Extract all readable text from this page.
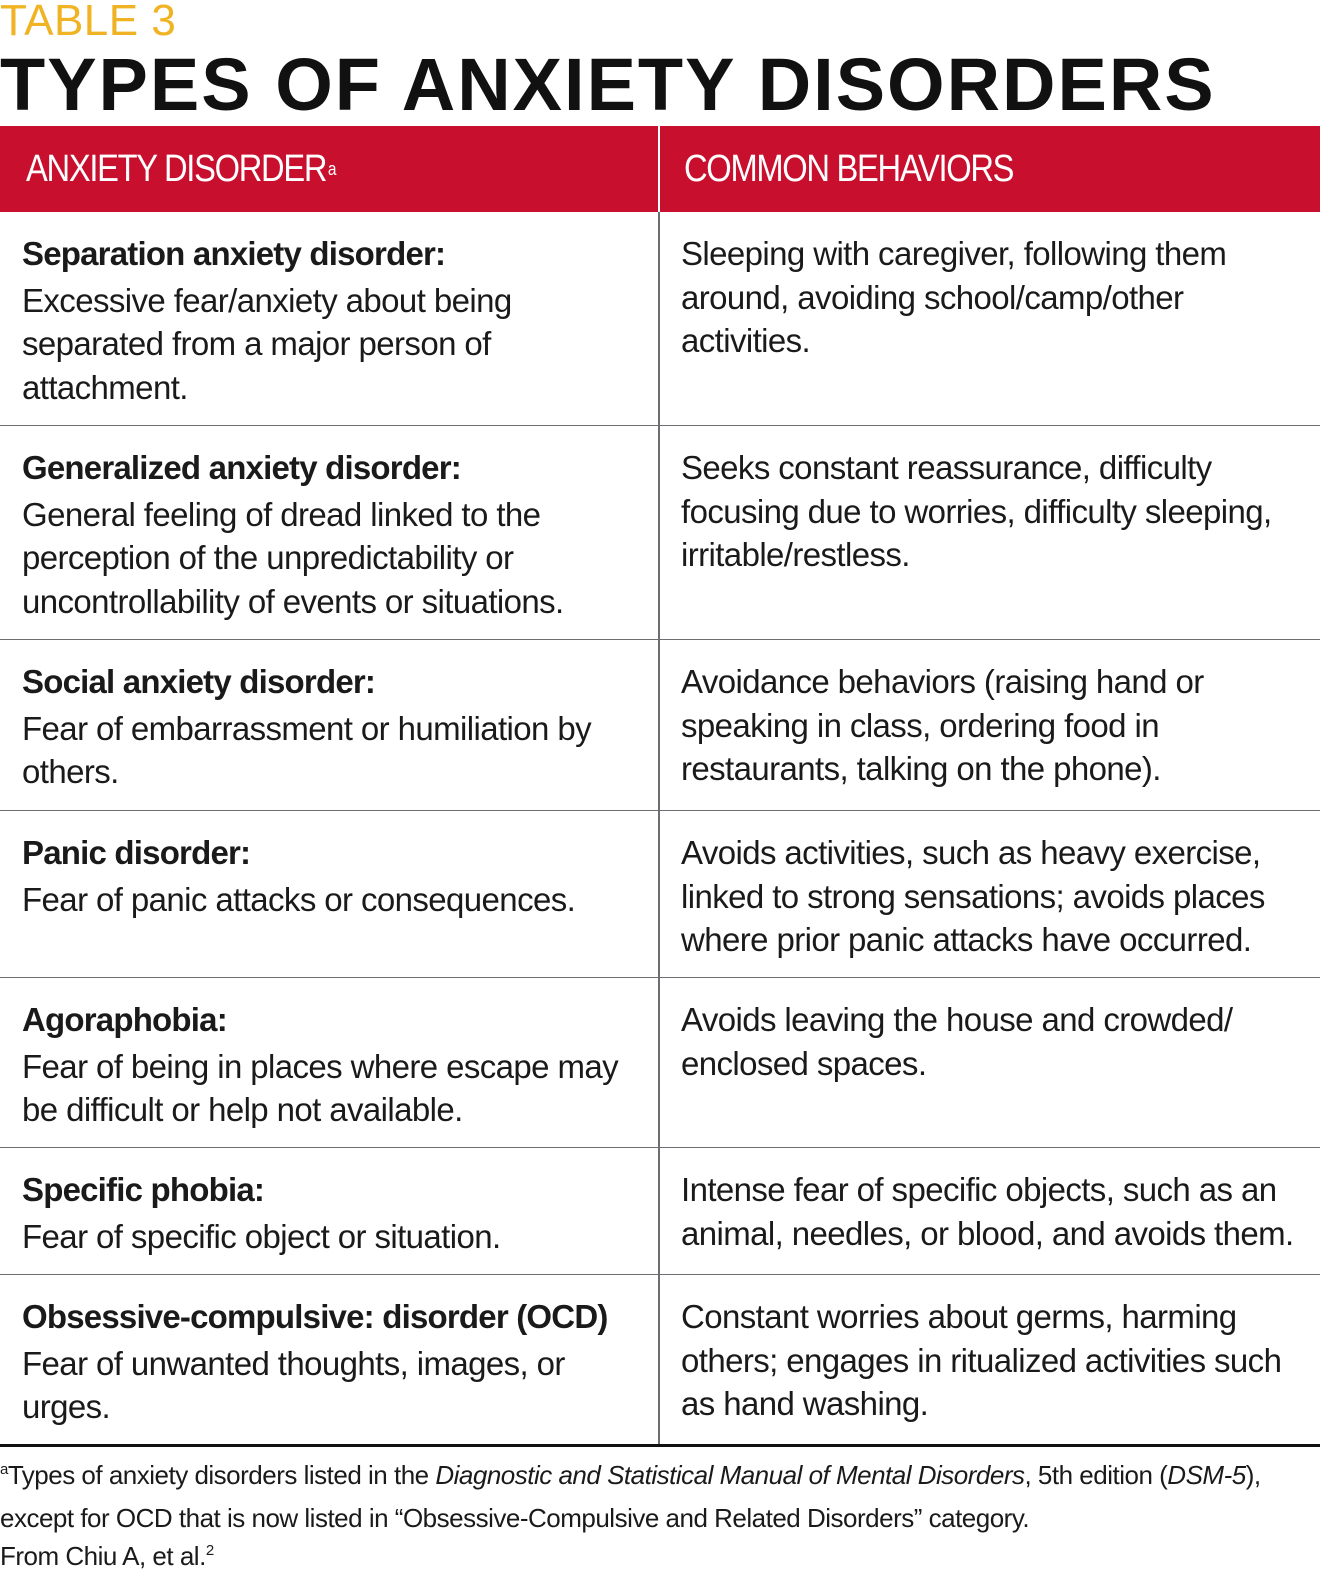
TABLE 3
TYPES OF ANXIETY DISORDERS
ANXIETY DISORDER$^a$	COMMON BEHAVIORS
Separation anxiety disorder:
Excessive fear/anxiety about being separated from a major person of attachment.
Sleeping with caregiver, following them around, avoiding school/camp/other activities.
Generalized anxiety disorder:
General feeling of dread linked to the perception of the unpredictability or uncontrollability of events or situations.
Seeks constant reassurance, difficulty focusing due to worries, difficulty sleeping, irritable/restless.
Social anxiety disorder:
Fear of embarrassment or humiliation by others.
Avoidance behaviors (raising hand or speaking in class, ordering food in restaurants, talking on the phone).
Panic disorder:
Fear of panic attacks or consequences.
Avoids activities, such as heavy exercise, linked to strong sensations; avoids places where prior panic attacks have occurred.
Agoraphobia:
Fear of being in places where escape may be difficult or help not available.
Avoids leaving the house and crowded/ enclosed spaces.
Specific phobia:
Fear of specific object or situation.
Intense fear of specific objects, such as an animal, needles, or blood, and avoids them.
Obsessive-compulsive: disorder (OCD)
Fear of unwanted thoughts, images, or urges.
Constant worries about germs, harming others; engages in ritualized activities such as hand washing.
$^a$Types of anxiety disorders listed in the Diagnostic and Statistical Manual of Mental Disorders, 5th edition (DSM-5), except for OCD that is now listed in “Obsessive-Compulsive and Related Disorders” category.
From Chiu A, et al.$^2$
